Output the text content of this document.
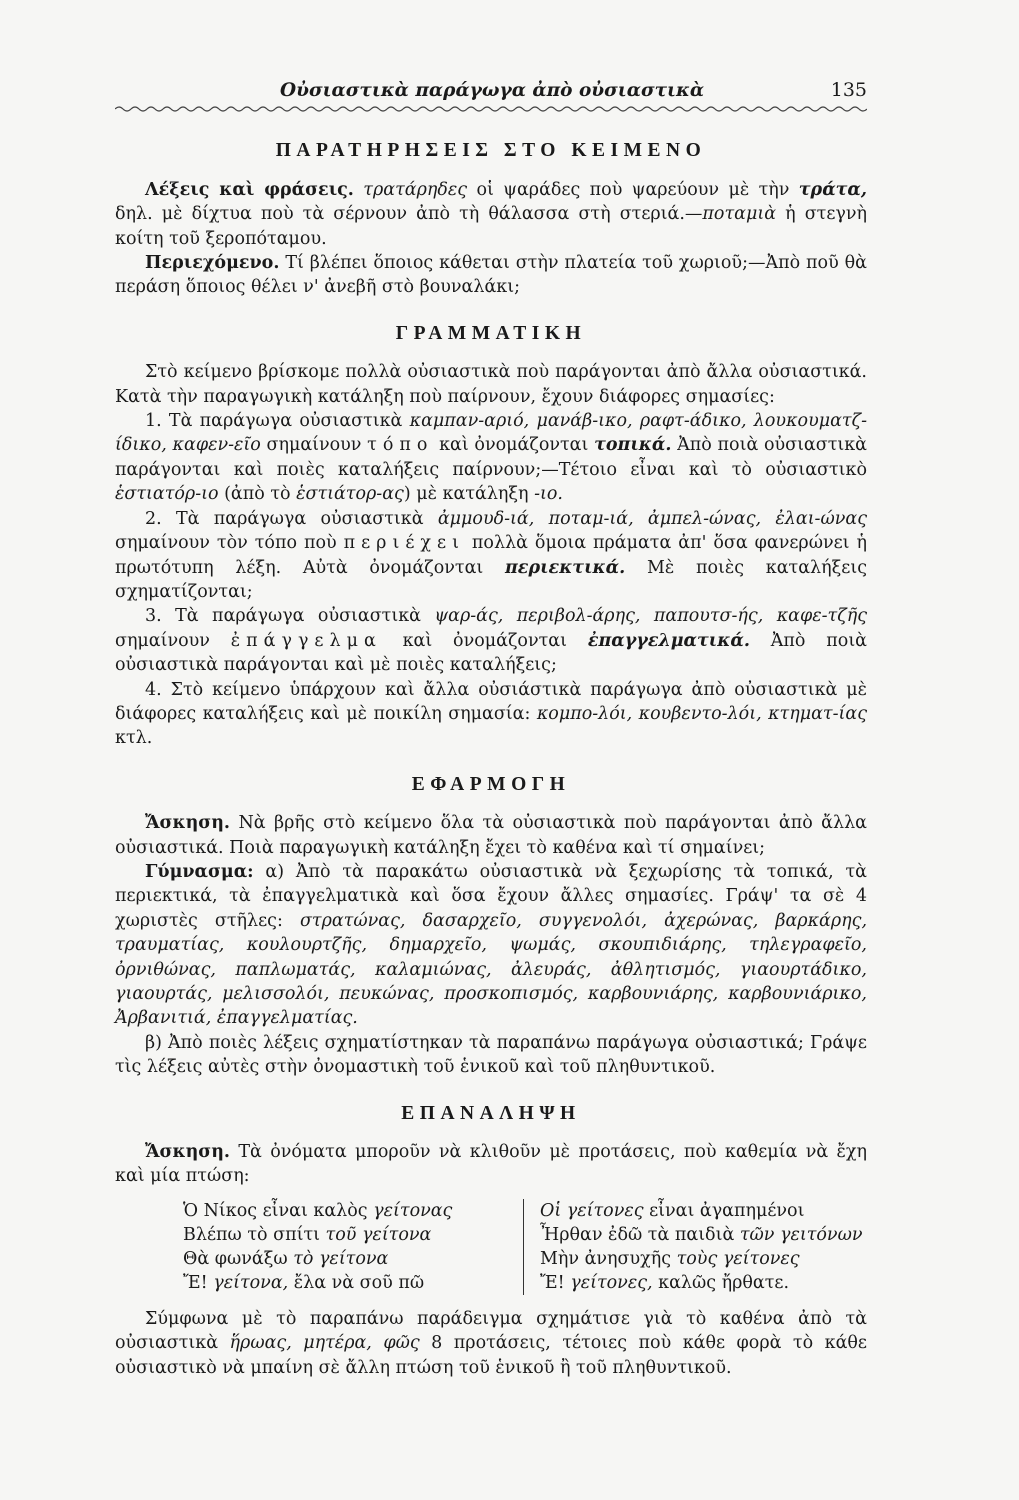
Οὐσιαστικὰ παράγωγα ἀπὸ οὐσιαστικὰ	135
ΠΑΡΑΤΗΡΗΣΕΙΣ ΣΤΟ ΚΕΙΜΕΝΟ

Λέξεις καὶ φράσεις. τρατάρηδες οἱ ψαράδες ποὺ ψαρεύουν μὲ τὴν τράτα, δηλ. μὲ δίχτυα ποὺ τὰ σέρνουν ἀπὸ τὴ θάλασσα στὴ στεριά.—ποταμιὰ ἡ στεγνὴ κοίτη τοῦ ξεροπόταμου.

Περιεχόμενο. Τί βλέπει ὅποιος κάθεται στὴν πλατεία τοῦ χωριοῦ;—Ἀπὸ ποῦ θὰ περάση ὅποιος θέλει ν' ἀνεβῆ στὸ βουναλάκι;

ΓΡΑΜΜΑΤΙΚΗ

Στὸ κείμενο βρίσκομε πολλὰ οὐσιαστικὰ ποὺ παράγονται ἀπὸ ἄλλα οὐσιαστικά. Κατὰ τὴν παραγωγικὴ κατάληξη ποὺ παίρνουν, ἔχουν διάφορες σημασίες:

1. Τὰ παράγωγα οὐσιαστικὰ καμπαν-αριό, μανάβ-ικο, ραφτ-άδικο, λουκουματζ-ίδικο, καφεν-εῖο σημαίνουν τόπο καὶ ὀνομάζονται τοπικά. Ἀπὸ ποιὰ οὐσιαστικὰ παράγονται καὶ ποιὲς καταλήξεις παίρνουν;—Τέτοιο εἶναι καὶ τὸ οὐσιαστικὸ ἑστιατόρ-ιο (ἀπὸ τὸ ἑστιάτορ-ας) μὲ κατάληξη -ιο.

2. Τὰ παράγωγα οὐσιαστικὰ ἀμμουδ-ιά, ποταμ-ιά, ἀμπελ-ώνας, ἐλαι-ώνας σημαίνουν τὸν τόπο ποὺ περιέχει πολλὰ ὅμοια πράματα ἀπ' ὅσα φανερώνει ἡ πρωτότυπη λέξη. Αὐτὰ ὀνομάζονται περιεκτικά. Μὲ ποιὲς καταλήξεις σχηματίζονται;

3. Τὰ παράγωγα οὐσιαστικὰ ψαρ-άς, περιβολ-άρης, παπουτσ-ής, καφε-τζῆς σημαίνουν ἐπάγγελμα καὶ ὀνομάζονται ἐπαγγελματικά. Ἀπὸ ποιὰ οὐσιαστικὰ παράγονται καὶ μὲ ποιὲς καταλήξεις;

4. Στὸ κείμενο ὑπάρχουν καὶ ἄλλα οὐσιάστικὰ παράγωγα ἀπὸ οὐσιαστικὰ μὲ διάφορες καταλήξεις καὶ μὲ ποικίλη σημασία: κομπο-λόι, κουβεντο-λόι, κτηματ-ίας κτλ.

ΕΦΑΡΜΟΓΗ

Ἄσκηση. Νὰ βρῆς στὸ κείμενο ὅλα τὰ οὐσιαστικὰ ποὺ παράγονται ἀπὸ ἄλλα οὐσιαστικά. Ποιὰ παραγωγικὴ κατάληξη ἔχει τὸ καθένα καὶ τί σημαίνει;

Γύμνασμα: α) Ἀπὸ τὰ παρακάτω οὐσιαστικὰ νὰ ξεχωρίσης τὰ τοπικά, τὰ περιεκτικά, τὰ ἐπαγγελματικὰ καὶ ὅσα ἔχουν ἄλλες σημασίες. Γράψ' τα σὲ 4 χωριστὲς στῆλες: στρατώνας, δασαρχεῖο, συγγενολόι, ἀχερώνας, βαρκάρης, τραυματίας, κουλουρτζῆς, δημαρχεῖο, ψωμάς, σκουπιδιάρης, τηλεγραφεῖο, ὀρνιθώνας, παπλωματάς, καλαμιώνας, ἀλευράς, ἀθλητισμός, γιαουρτάδικο, γιαουρτάς, μελισσολόι, πευκώνας, προσκοπισμός, καρβουνιάρης, καρβουνιάρικο, Ἀρβανιτιά, ἐπαγγελματίας.

β) Ἀπὸ ποιὲς λέξεις σχηματίστηκαν τὰ παραπάνω παράγωγα οὐσιαστικά; Γράψε τὶς λέξεις αὐτὲς στὴν ὀνομαστικὴ τοῦ ἑνικοῦ καὶ τοῦ πληθυντικοῦ.

ΕΠΑΝΑΛΗΨΗ

Ἄσκηση. Τὰ ὀνόματα μποροῦν νὰ κλιθοῦν μὲ προτάσεις, ποὺ καθεμία νὰ ἔχη καὶ μία πτώση:

Ὁ Νίκος εἶναι καλὸς γείτονας
Βλέπω τὸ σπίτι τοῦ γείτονα
Θὰ φωνάξω τὸ γείτονα
Ἔ! γείτονα, ἔλα νὰ σοῦ πῶ
Οἱ γείτονες εἶναι ἀγαπημένοι
Ἦρθαν ἐδῶ τὰ παιδιὰ τῶν γειτόνων
Μὴν ἀνησυχῆς τοὺς γείτονες
Ἔ! γείτονες, καλῶς ἤρθατε.

Σύμφωνα μὲ τὸ παραπάνω παράδειγμα σχημάτισε γιὰ τὸ καθένα ἀπὸ τὰ οὐσιαστικὰ ἥρωας, μητέρα, φῶς 8 προτάσεις, τέτοιες ποὺ κάθε φορὰ τὸ κάθε οὐσιαστικὸ νὰ μπαίνη σὲ ἄλλη πτώση τοῦ ἑνικοῦ ἢ τοῦ πληθυντικοῦ.
